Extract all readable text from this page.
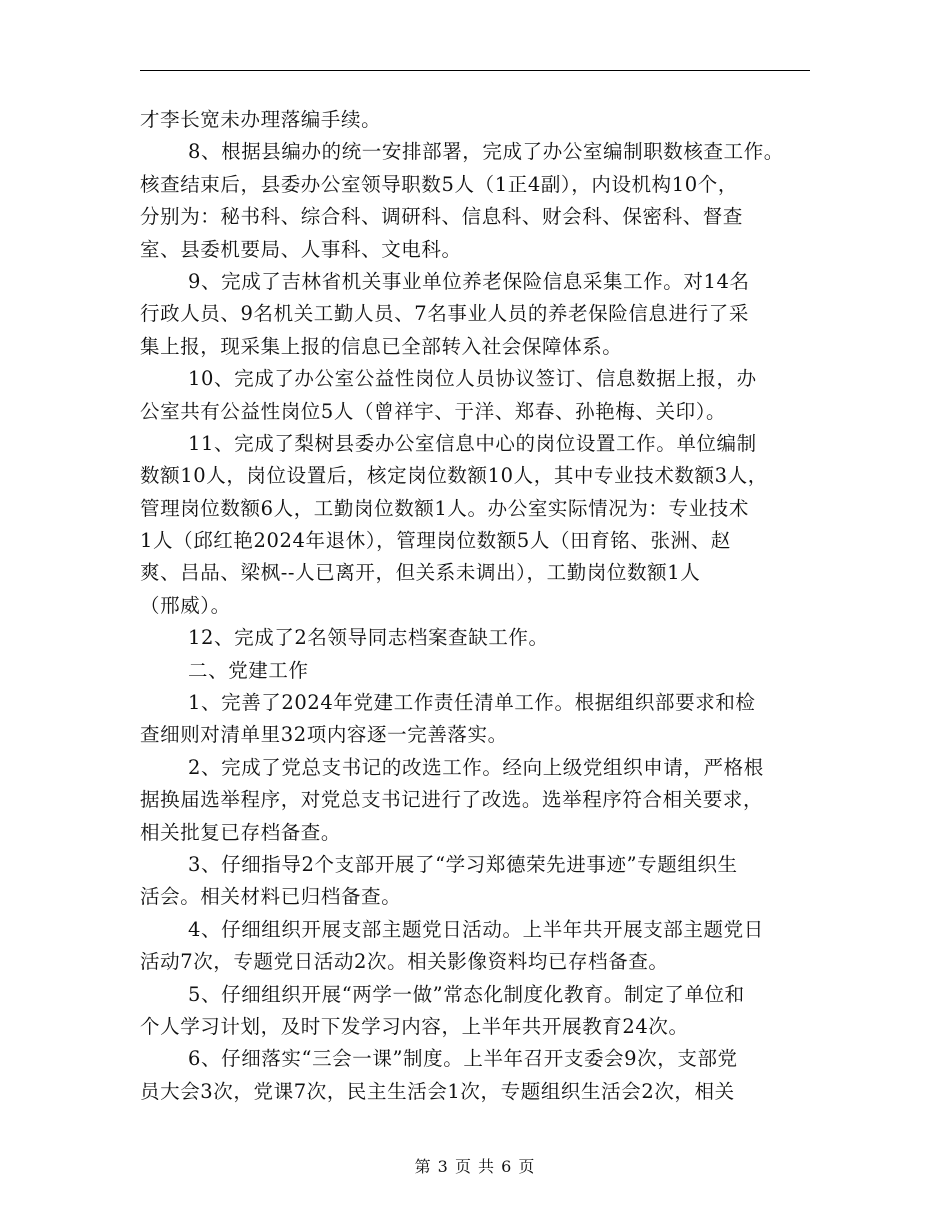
才李长宽未办理落编手续。
8、根据县编办的统一安排部署，完成了办公室编制职数核查工作。
核查结束后，县委办公室领导职数5人（1正4副），内设机构10个，
分别为：秘书科、综合科、调研科、信息科、财会科、保密科、督查
室、县委机要局、人事科、文电科。
9、完成了吉林省机关事业单位养老保险信息采集工作。对14名
行政人员、9名机关工勤人员、7名事业人员的养老保险信息进行了采
集上报，现采集上报的信息已全部转入社会保障体系。
10、完成了办公室公益性岗位人员协议签订、信息数据上报，办
公室共有公益性岗位5人（曾祥宇、于洋、郑春、孙艳梅、关印）。
11、完成了梨树县委办公室信息中心的岗位设置工作。单位编制
数额10人，岗位设置后，核定岗位数额10人，其中专业技术数额3人，
管理岗位数额6人，工勤岗位数额1人。办公室实际情况为：专业技术
1人（邱红艳2024年退休），管理岗位数额5人（田育铭、张洲、赵
爽、吕品、梁枫--人已离开，但关系未调出），工勤岗位数额1人
（邢威）。
12、完成了2名领导同志档案查缺工作。
二、党建工作
1、完善了2024年党建工作责任清单工作。根据组织部要求和检
查细则对清单里32项内容逐一完善落实。
2、完成了党总支书记的改选工作。经向上级党组织申请，严格根
据换届选举程序，对党总支书记进行了改选。选举程序符合相关要求，
相关批复已存档备查。
3、仔细指导2个支部开展了“学习郑德荣先进事迹”专题组织生
活会。相关材料已归档备查。
4、仔细组织开展支部主题党日活动。上半年共开展支部主题党日
活动7次，专题党日活动2次。相关影像资料均已存档备查。
5、仔细组织开展“两学一做”常态化制度化教育。制定了单位和
个人学习计划，及时下发学习内容，上半年共开展教育24次。
6、仔细落实“三会一课”制度。上半年召开支委会9次，支部党
员大会3次，党课7次，民主生活会1次，专题组织生活会2次，相关
第 3 页 共 6 页
